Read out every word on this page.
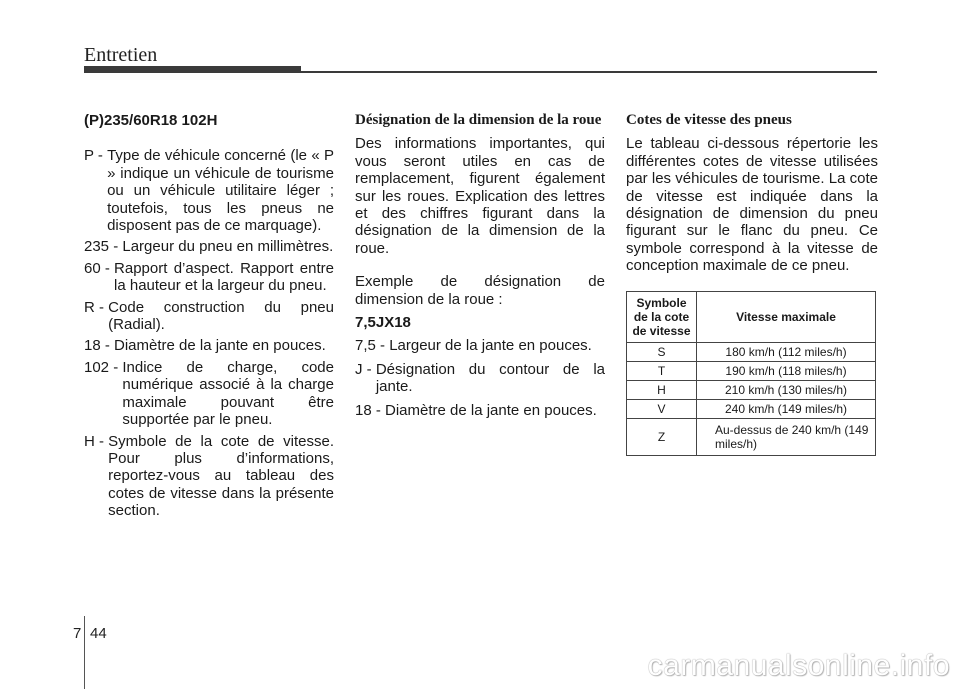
Entretien
(P)235/60R18 102H
P - Type de véhicule concerné (le « P » indique un véhicule de tourisme ou un véhicule utilitaire léger ; toutefois, tous les pneus ne disposent pas de ce marquage).
235 - Largeur du pneu en millimètres.
60 - Rapport d’aspect. Rapport entre la hauteur et la largeur du pneu.
R - Code construction du pneu (Radial).
18 - Diamètre de la jante en pouces.
102 - Indice de charge, code numérique associé à la charge maximale pouvant être supportée par le pneu.
H - Symbole de la cote de vitesse. Pour plus d’informations, reportez-vous au tableau des cotes de vitesse dans la présente section.
Désignation de la dimension de la roue
Des informations importantes, qui vous seront utiles en cas de remplacement, figurent également sur les roues. Explication des lettres et des chiffres figurant dans la désignation de la dimension de la roue.
Exemple de désignation de dimension de la roue :
7,5JX18
7,5 - Largeur de la jante en pouces.
J - Désignation du contour de la jante.
18 - Diamètre de la jante en pouces.
Cotes de vitesse des pneus
Le tableau ci-dessous répertorie les différentes cotes de vitesse utilisées par les véhicules de tourisme. La cote de vitesse est indiquée dans la désignation de dimension du pneu figurant sur le flanc du pneu. Ce symbole correspond à la vitesse de conception maximale de ce pneu.
Symbole de la cote de vitesse	Vitesse maximale
S	180 km/h (112 miles/h)
T	190 km/h (118 miles/h)
H	210 km/h (130 miles/h)
V	240 km/h (149 miles/h)
Z	Au-dessus de 240 km/h (149 miles/h)
7 44
carmanualsonline.info
